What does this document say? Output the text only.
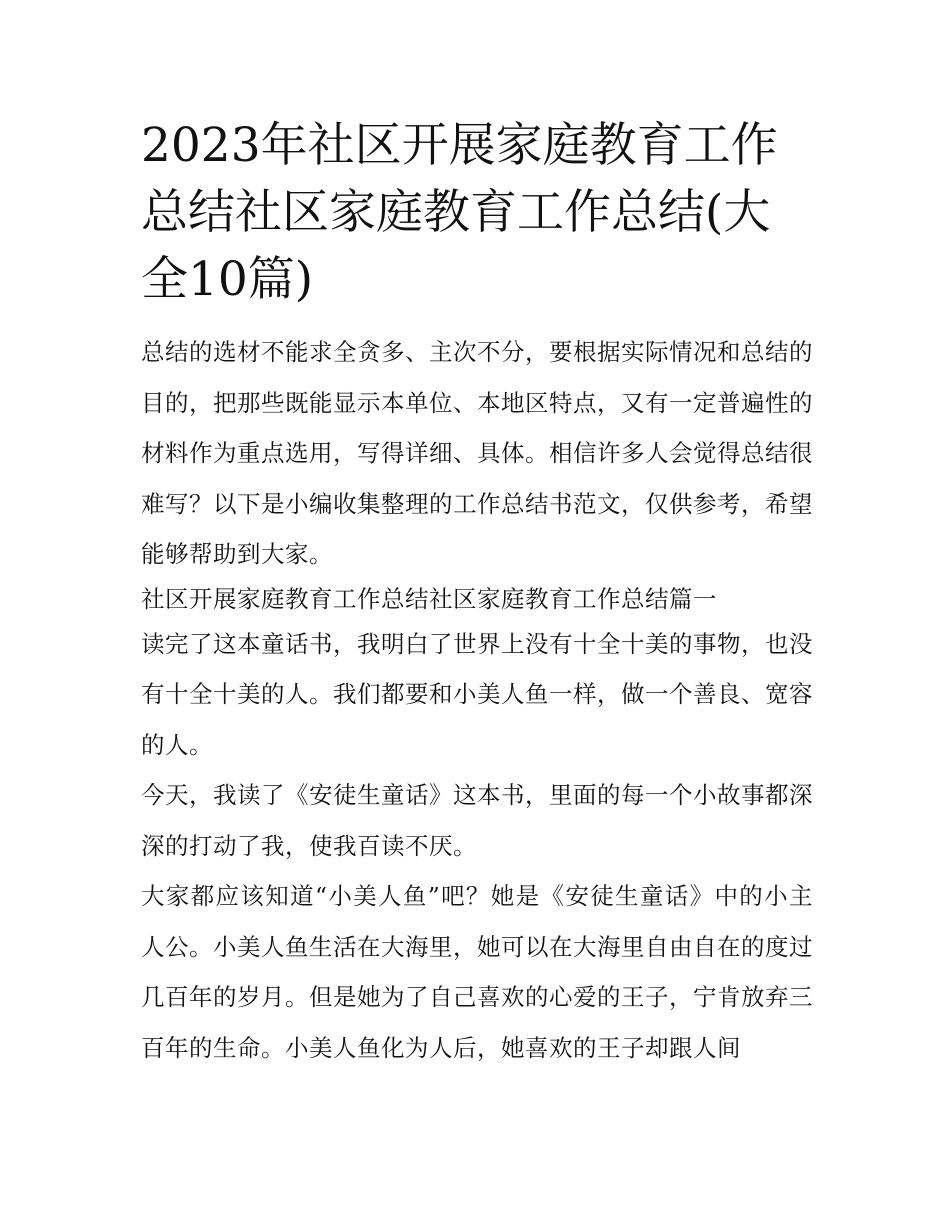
2023年社区开展家庭教育工作总结社区家庭教育工作总结(大全10篇)

总结的选材不能求全贪多、主次不分，要根据实际情况和总结的目的，把那些既能显示本单位、本地区特点，又有一定普遍性的材料作为重点选用，写得详细、具体。相信许多人会觉得总结很难写？以下是小编收集整理的工作总结书范文，仅供参考，希望能够帮助到大家。

社区开展家庭教育工作总结社区家庭教育工作总结篇一

读完了这本童话书，我明白了世界上没有十全十美的事物，也没有十全十美的人。我们都要和小美人鱼一样，做一个善良、宽容的人。

今天，我读了《安徒生童话》这本书，里面的每一个小故事都深深的打动了我，使我百读不厌。

大家都应该知道“小美人鱼”吧？她是《安徒生童话》中的小主人公。小美人鱼生活在大海里，她可以在大海里自由自在的度过几百年的岁月。但是她为了自己喜欢的心爱的王子，宁肯放弃三百年的生命。小美人鱼化为人后，她喜欢的王子却跟人间
